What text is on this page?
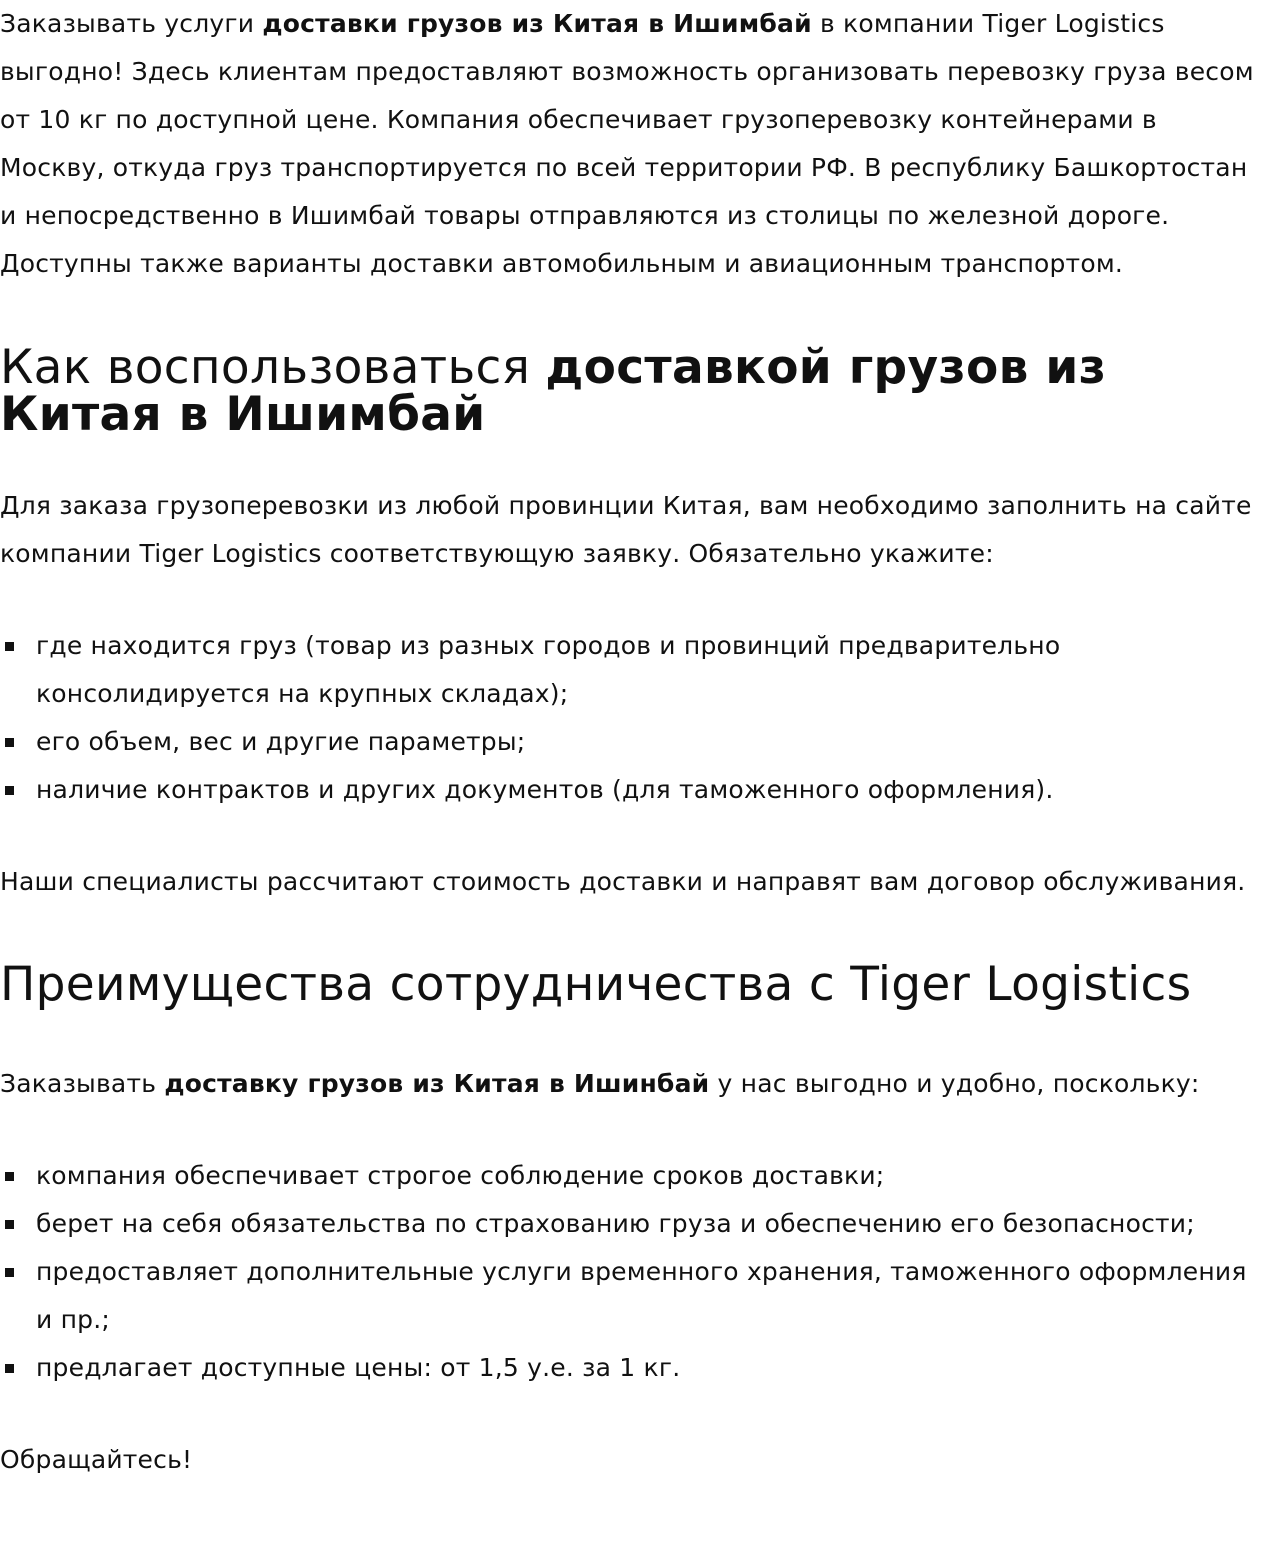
Заказывать услуги доставки грузов из Китая в Ишимбай в компании Tiger Logistics выгодно! Здесь клиентам предоставляют возможность организовать перевозку груза весом от 10 кг по доступной цене. Компания обеспечивает грузоперевозку контейнерами в Москву, откуда груз транспортируется по всей территории РФ. В республику Башкортостан и непосредственно в Ишимбай товары отправляются из столицы по железной дороге. Доступны также варианты доставки автомобильным и авиационным транспортом.

Как воспользоваться доставкой грузов из Китая в Ишимбай

Для заказа грузоперевозки из любой провинции Китая, вам необходимо заполнить на сайте компании Tiger Logistics соответствующую заявку. Обязательно укажите:

где находится груз (товар из разных городов и провинций предварительно консолидируется на крупных складах);
его объем, вес и другие параметры;
наличие контрактов и других документов (для таможенного оформления).

Наши специалисты рассчитают стоимость доставки и направят вам договор обслуживания.

Преимущества сотрудничества с Tiger Logistics

Заказывать доставку грузов из Китая в Ишинбай у нас выгодно и удобно, поскольку:

компания обеспечивает строгое соблюдение сроков доставки;
берет на себя обязательства по страхованию груза и обеспечению его безопасности;
предоставляет дополнительные услуги временного хранения, таможенного оформления и пр.;
предлагает доступные цены: от 1,5 у.е. за 1 кг.

Обращайтесь!
